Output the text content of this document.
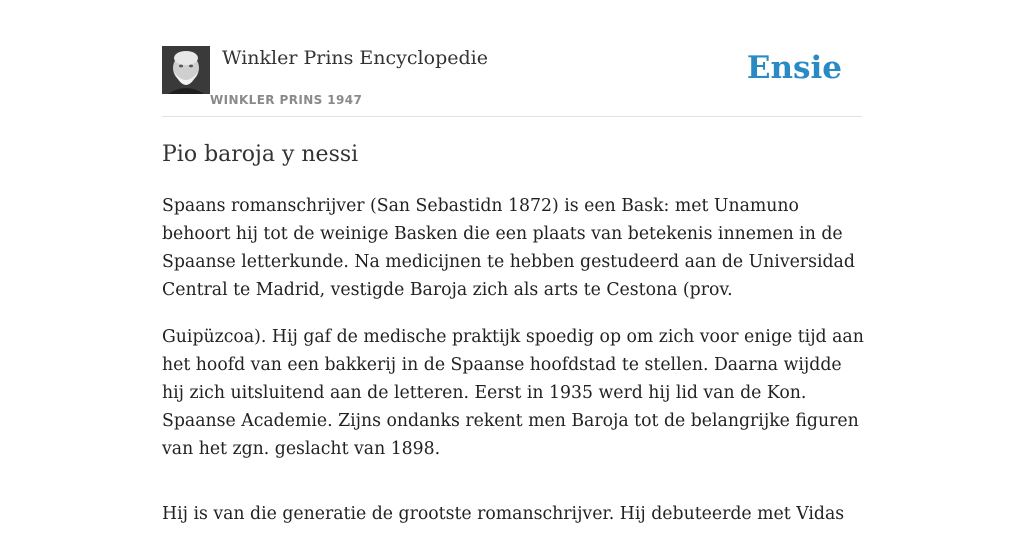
Winkler Prins Encyclopedie
WINKLER PRINS 1947
Ensie
Pio baroja y nessi

Spaans romanschrijver (San Sebastidn 1872) is een Bask: met Unamuno behoort hij tot de weinige Basken die een plaats van betekenis innemen in de Spaanse letterkunde. Na medicijnen te hebben gestudeerd aan de Universidad Central te Madrid, vestigde Baroja zich als arts te Cestona (prov.

Guipüzcoa). Hij gaf de medische praktijk spoedig op om zich voor enige tijd aan het hoofd van een bakkerij in de Spaanse hoofdstad te stellen. Daarna wijdde hij zich uitsluitend aan de letteren. Eerst in 1935 werd hij lid van de Kon. Spaanse Academie. Zijns ondanks rekent men Baroja tot de belangrijke figuren van het zgn. geslacht van 1898.

Hij is van die generatie de grootste romanschrijver. Hij debuteerde met Vidas
